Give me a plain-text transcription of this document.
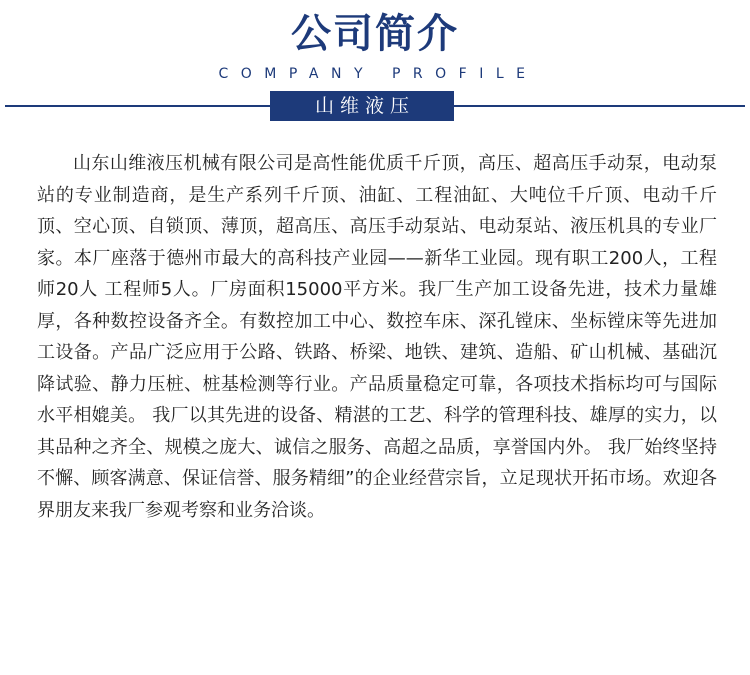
公司简介
COMPANY PROFILE
山维液压

山东山维液压机械有限公司是高性能优质千斤顶，高压、超高压手动泵，电动泵站的专业制造商，是生产系列千斤顶、油缸、工程油缸、大吨位千斤顶、电动千斤顶、空心顶、自锁顶、薄顶，超高压、高压手动泵站、电动泵站、液压机具的专业厂家。本厂座落于德州市最大的高科技产业园——新华工业园。现有职工200人，工程师20人 工程师5人。厂房面积15000平方米。我厂生产加工设备先进，技术力量雄厚，各种数控设备齐全。有数控加工中心、数控车床、深孔镗床、坐标镗床等先进加工设备。产品广泛应用于公路、铁路、桥梁、地铁、建筑、造船、矿山机械、基础沉降试验、静力压桩、桩基检测等行业。产品质量稳定可靠，各项技术指标均可与国际水平相媲美。 我厂以其先进的设备、精湛的工艺、科学的管理科技、雄厚的实力，以其品种之齐全、规模之庞大、诚信之服务、高超之品质，享誉国内外。 我厂始终坚持不懈、顾客满意、保证信誉、服务精细”的企业经营宗旨，立足现状开拓市场。欢迎各界朋友来我厂参观考察和业务洽谈。
